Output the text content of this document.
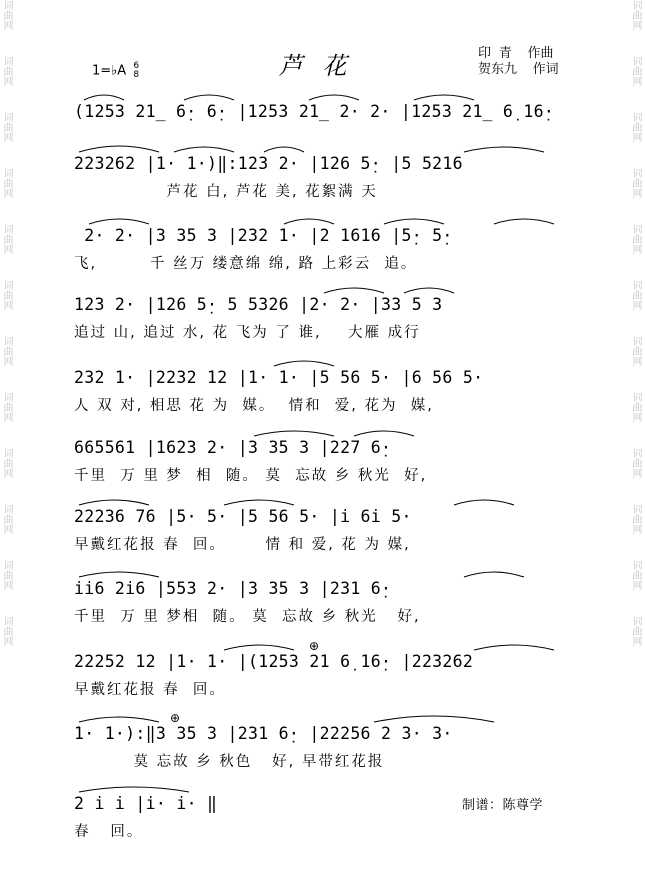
词曲网
词曲网
词曲网
词曲网
词曲网
词曲网
词曲网
词曲网
词曲网
词曲网
词曲网
词曲网
词曲网
词曲网
词曲网
词曲网
词曲网
词曲网
词曲网
词曲网
词曲网
词曲网
词曲网
词曲网
1=♭A 6
8	芦花	印 青  作曲
贺东九  作词
(1253 21̲ 6̣· 6̣· |1253 21̲ 2· 2· |1253 21̲ 6̣ 16̣·
223262 |1· 1·)‖:123 2· |126 5̣· |5 5216
芦花 白, 芦花 美, 花絮满 天
2· 2· |3 35 3 |232 1· |2 1616 |5̣· 5̣·
飞,        千 丝万 缕意绵 绵, 路 上彩云  追。
123 2· |126 5̣· 5 5326 |2· 2· |33 5 3
追过 山, 追过 水, 花 飞为 了 谁,    大雁 成行
232 1· |2232 12 |1· 1· |5 56 5· |6 56 5·
人 双 对, 相思 花 为  媒。  情和  爱, 花为  媒,
665561 |1623 2· |3 35 3 |227 6̣·
千里  万 里 梦  相  随。 莫  忘故 乡 秋光  好,
22236 76 |5· 5· |5 56 5· |i 6i 5·
早戴红花报 春  回。      情 和 爱, 花 为 媒,
ii6 2i6 |553 2· |3 35 3 |231 6̣·
千里  万 里 梦相  随。 莫  忘故 乡 秋光   好,
22252 12 |1· 1· |(1253 21 6̣ 16̣· |223262
早戴红花报 春  回。
⊕
1· 1·):‖3 35 3 |231 6̣· |22256 2 3· 3·
莫 忘故 乡 秋色   好, 早带红花报
⊕
2 i i |i· i· ‖
春   回。
制谱：陈尊学
